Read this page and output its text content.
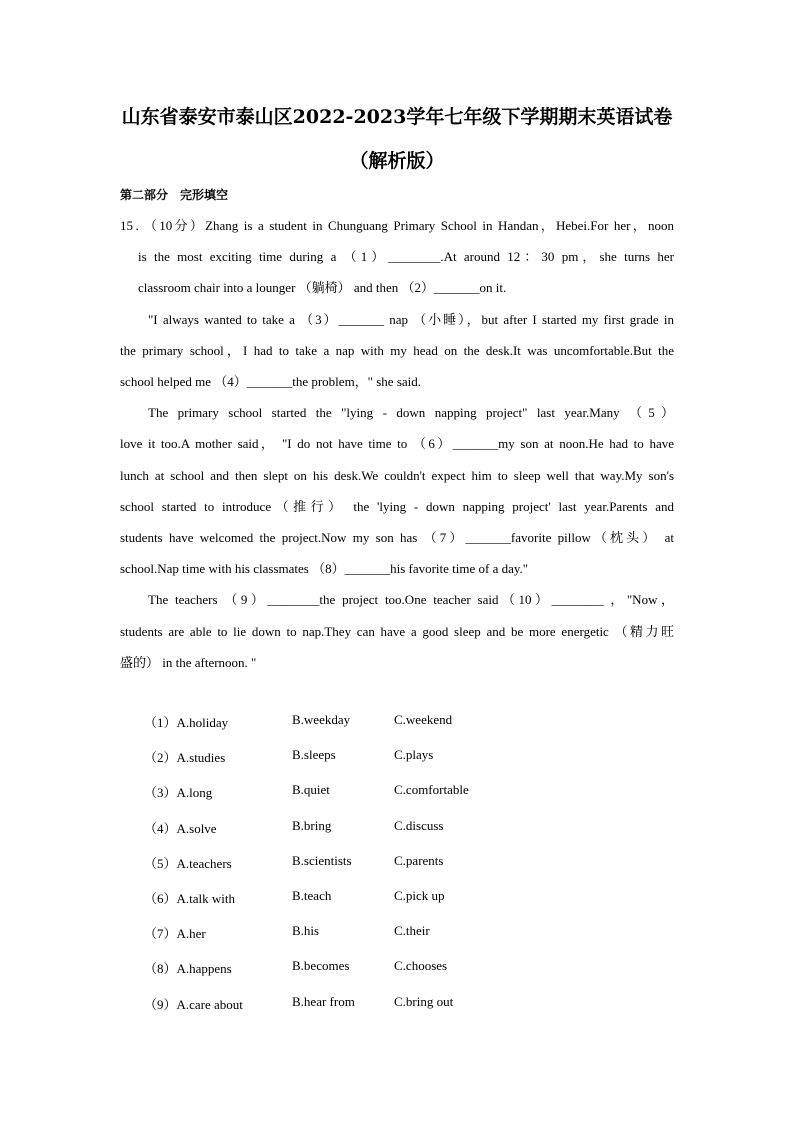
山东省泰安市泰山区2022-2023学年七年级下学期期末英语试卷
（解析版）
第二部分　完形填空

15．（10分）Zhang is a student in Chunguang Primary School in Handan，Hebei.For her，noon

is the most exciting time during a （1）________.At around 12：30 pm，she turns her

classroom chair into a lounger （躺椅） and then （2）_______on it.

"I always wanted to take a （3）_______ nap （小睡），but after I started my first grade in

the primary school，I had to take a nap with my head on the desk.It was uncomfortable.But the

school helped me （4）_______the problem，" she said.

The primary school started the "lying - down napping project" last year.Many （5）

love it too.A mother said， "I do not have time to （6）_______my son at noon.He had to have

lunch at school and then slept on his desk.We couldn't expect him to sleep well that way.My son's

school started to introduce（推行） the 'lying - down napping project' last year.Parents and

students have welcomed the project.Now my son has （7）_______favorite pillow（枕头） at

school.Nap time with his classmates （8）_______his favorite time of a day."

The teachers （9）________the project too.One teacher said（10）________ ，"Now，

students are able to lie down to nap.They can have a good sleep and be more energetic （精力旺

盛的） in the afternoon. "

（1）A.holiday	B.weekday	C.weekend
（2）A.studies	B.sleeps	C.plays
（3）A.long	B.quiet	C.comfortable
（4）A.solve	B.bring	C.discuss
（5）A.teachers	B.scientists	C.parents
（6）A.talk with	B.teach	C.pick up
（7）A.her	B.his	C.their
（8）A.happens	B.becomes	C.chooses
（9）A.care about	B.hear from	C.bring out
